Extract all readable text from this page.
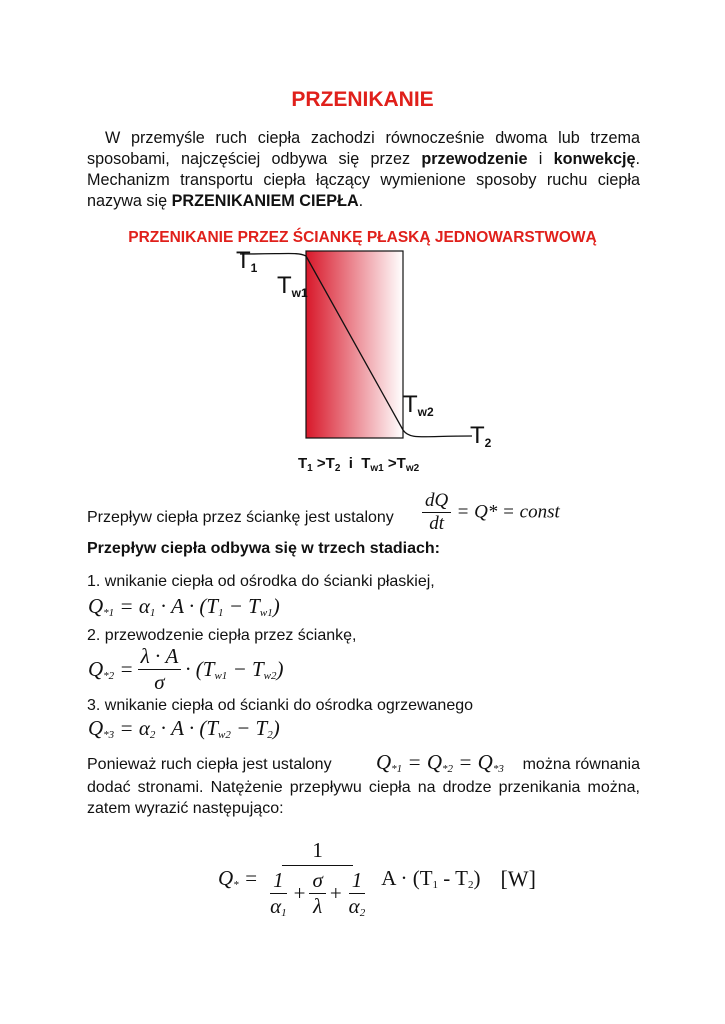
PRZENIKANIE
W przemyśle ruch ciepła zachodzi równocześnie dwoma lub trzema sposobami, najczęściej odbywa się przez przewodzenie i konwekcję. Mechanizm transportu ciepła łączący wymienione sposoby ruchu ciepła nazywa się PRZENIKANIEM CIEPŁA.
PRZENIKANIE PRZEZ ŚCIANKĘ PŁASKĄ JEDNOWARSTWOWĄ
T1
Tw1
Tw2
T2
$T_1 >T_2$  i  $T_{w1} >T_{w2}$
Przepływ ciepła przez ściankę jest ustalony $\frac{dQ}{dt} = Q*$ = const
Przepływ ciepła odbywa się w trzech stadiach:
1. wnikanie ciepła od ośrodka do ścianki płaskiej,
$Q_{*1} = \alpha_1 \cdot A \cdot (T_1 - T_{w1})$
2. przewodzenie ciepła przez ściankę,
$Q_{*2} = \frac{\lambda \cdot A}{\sigma} \cdot (T_{w1} - T_{w2})$
3. wnikanie ciepła od ścianki do ośrodka ogrzewanego
$Q_{*3} = \alpha_2 \cdot A \cdot (T_{w2} - T_2)$
Ponieważ ruch ciepła jest ustalony $Q_{*1} = Q_{*2} = Q_{*3}$	można równania
dodać stronami. Natężenie przepływu ciepła na drodze przenikania można, zatem wyrazić następująco:
$Q_* = \frac{1}{\frac{1}{\alpha_1} + \frac{\sigma}{\lambda} + \frac{1}{\alpha_2}}$ $A \cdot (T_1 - T_2)$ [W]
